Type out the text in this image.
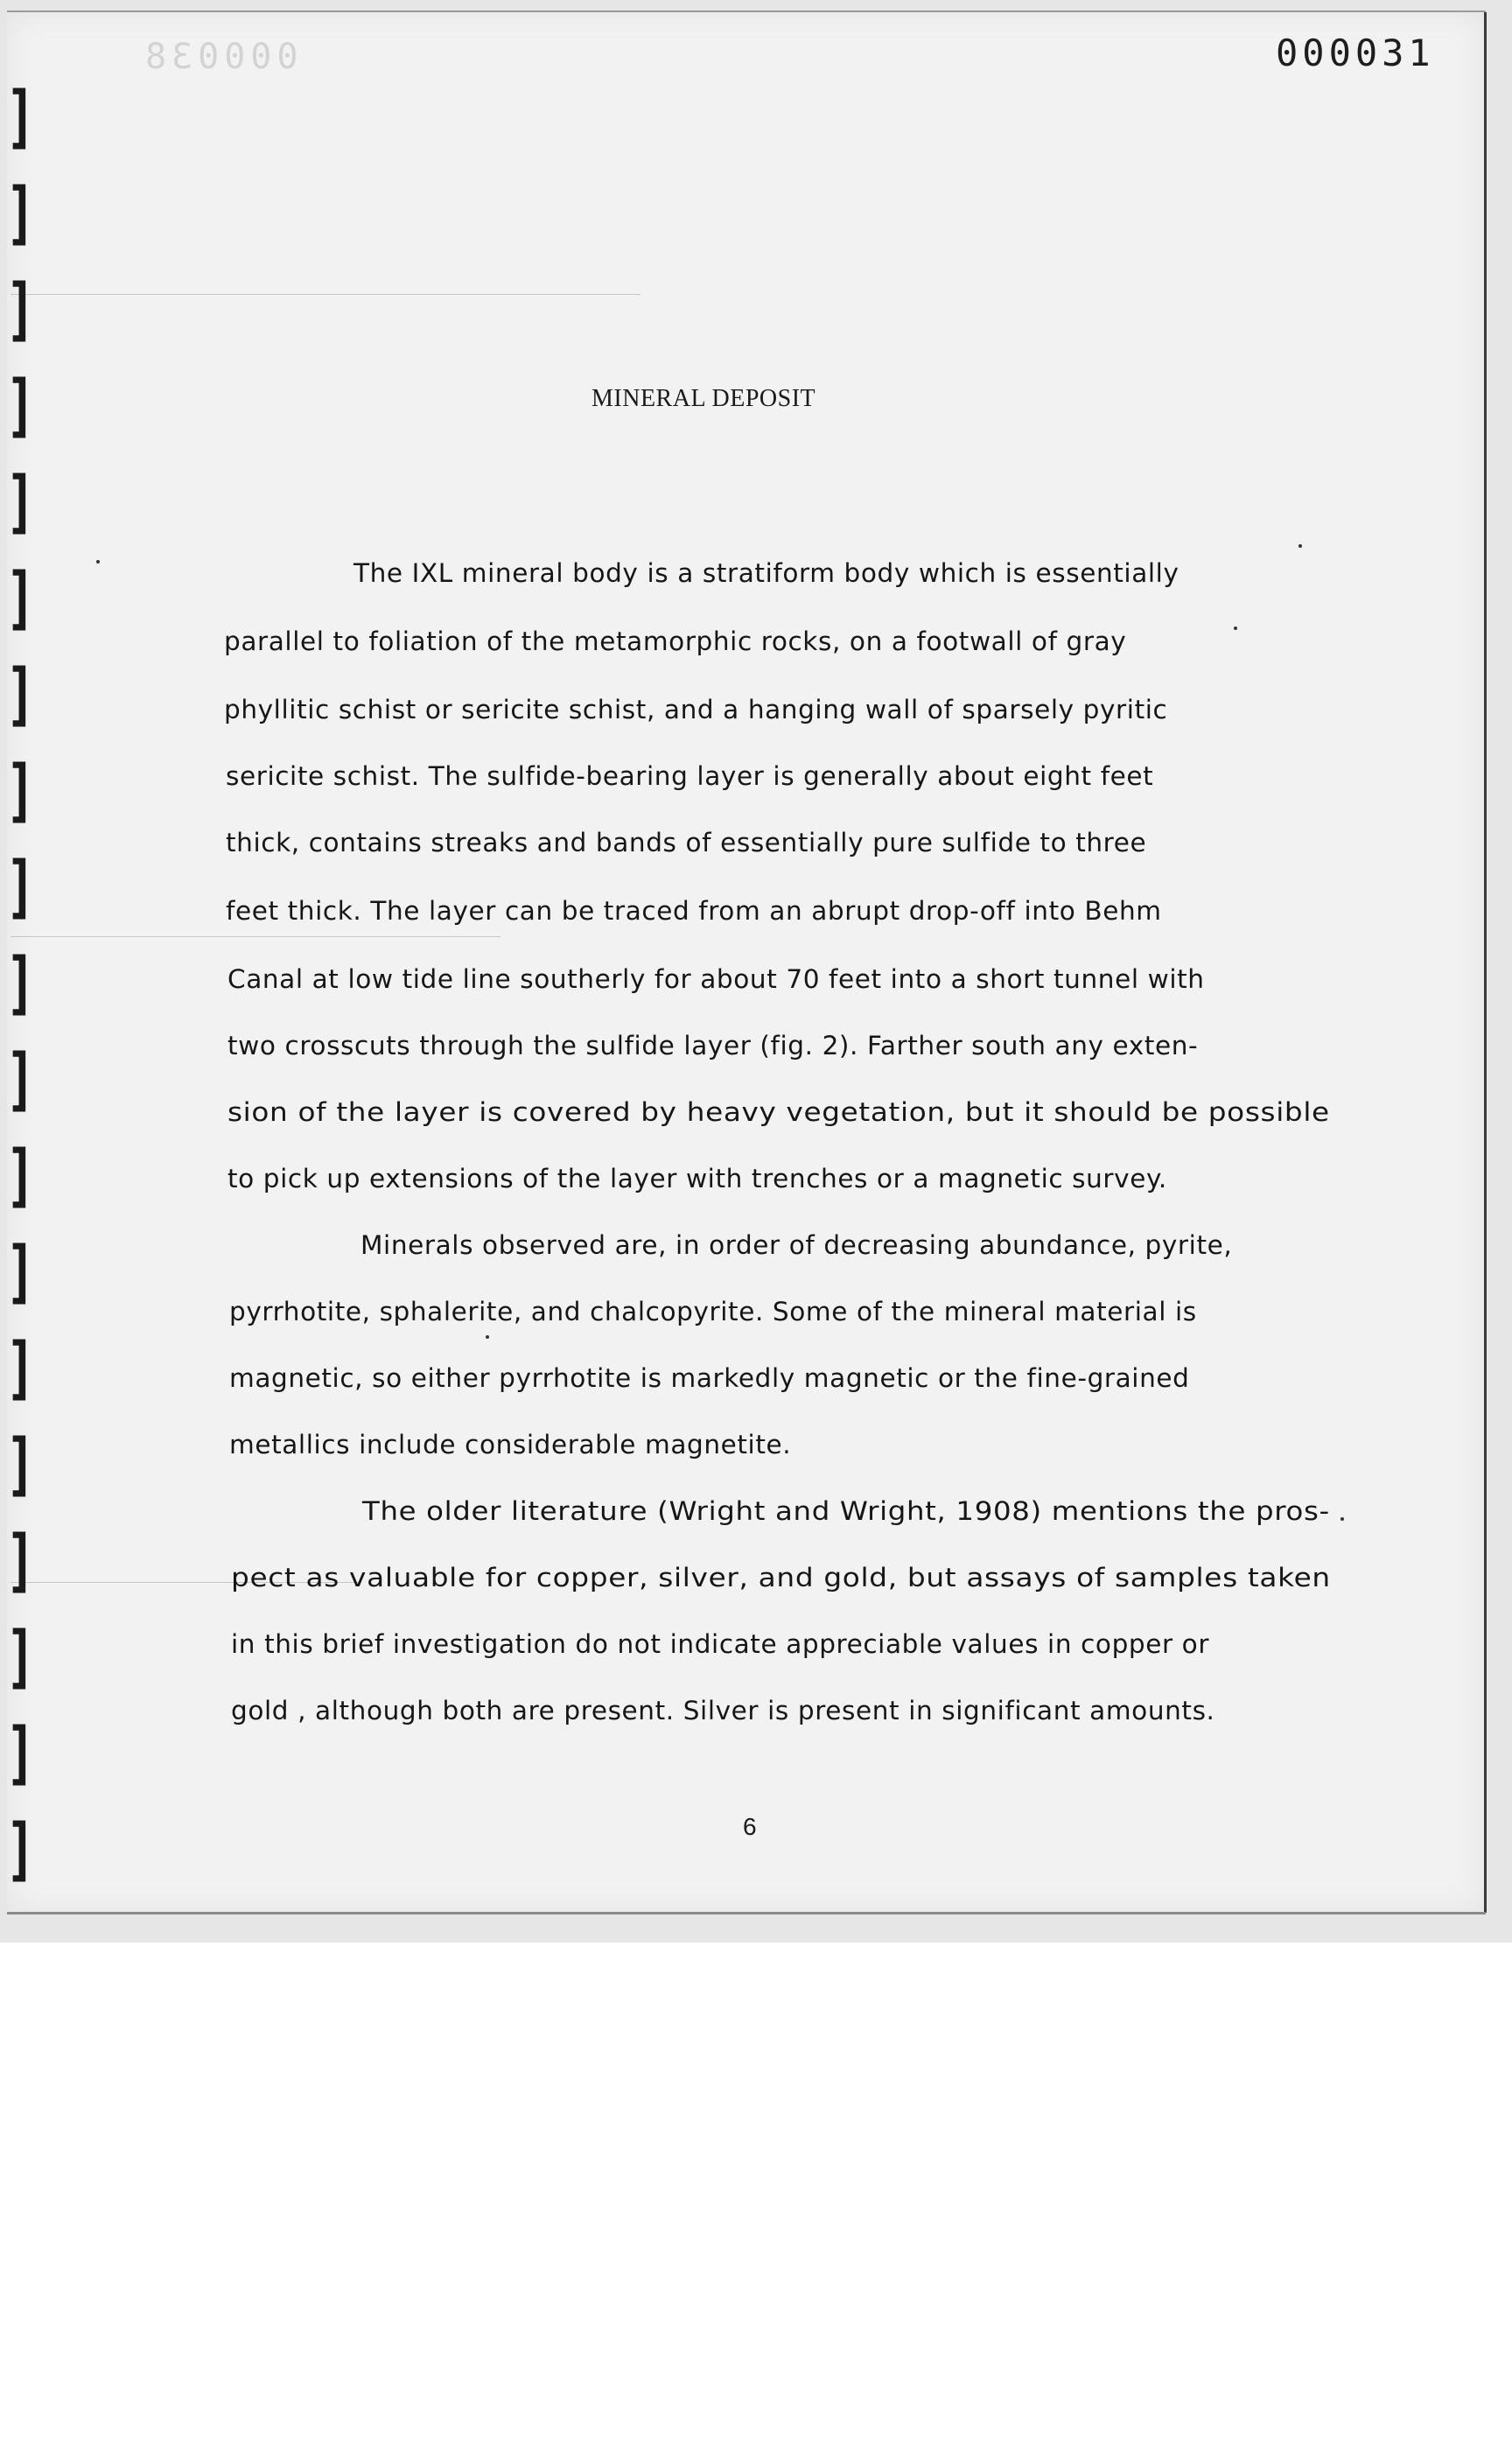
000038
]
]
]
]
]
]
]
]
]
]
]
]
]
]
]
]
]
]
]
000031
MINERAL DEPOSIT
The IXL mineral body is a stratiform body which is essentially
parallel to foliation of the metamorphic rocks, on a footwall of gray
phyllitic schist or sericite schist, and a hanging wall of sparsely pyritic
sericite schist. The sulfide-bearing layer is generally about eight feet
thick, contains streaks and bands of essentially pure sulfide to three
feet thick. The layer can be traced from an abrupt drop-off into Behm
Canal at low tide line southerly for about 70 feet into a short tunnel with
two crosscuts through the sulfide layer (fig. 2). Farther south any exten-
sion of the layer is covered by heavy vegetation, but it should be possible
to pick up extensions of the layer with trenches or a magnetic survey.
Minerals observed are, in order of decreasing abundance, pyrite,
pyrrhotite, sphalerite, and chalcopyrite. Some of the mineral material is
magnetic, so either pyrrhotite is markedly magnetic or the fine-grained
metallics include considerable magnetite.
The older literature (Wright and Wright, 1908) mentions the pros-
pect as valuable for copper, silver, and gold, but assays of samples taken
in this brief investigation do not indicate appreciable values in copper or
gold , although both are present. Silver is present in significant amounts.
6
